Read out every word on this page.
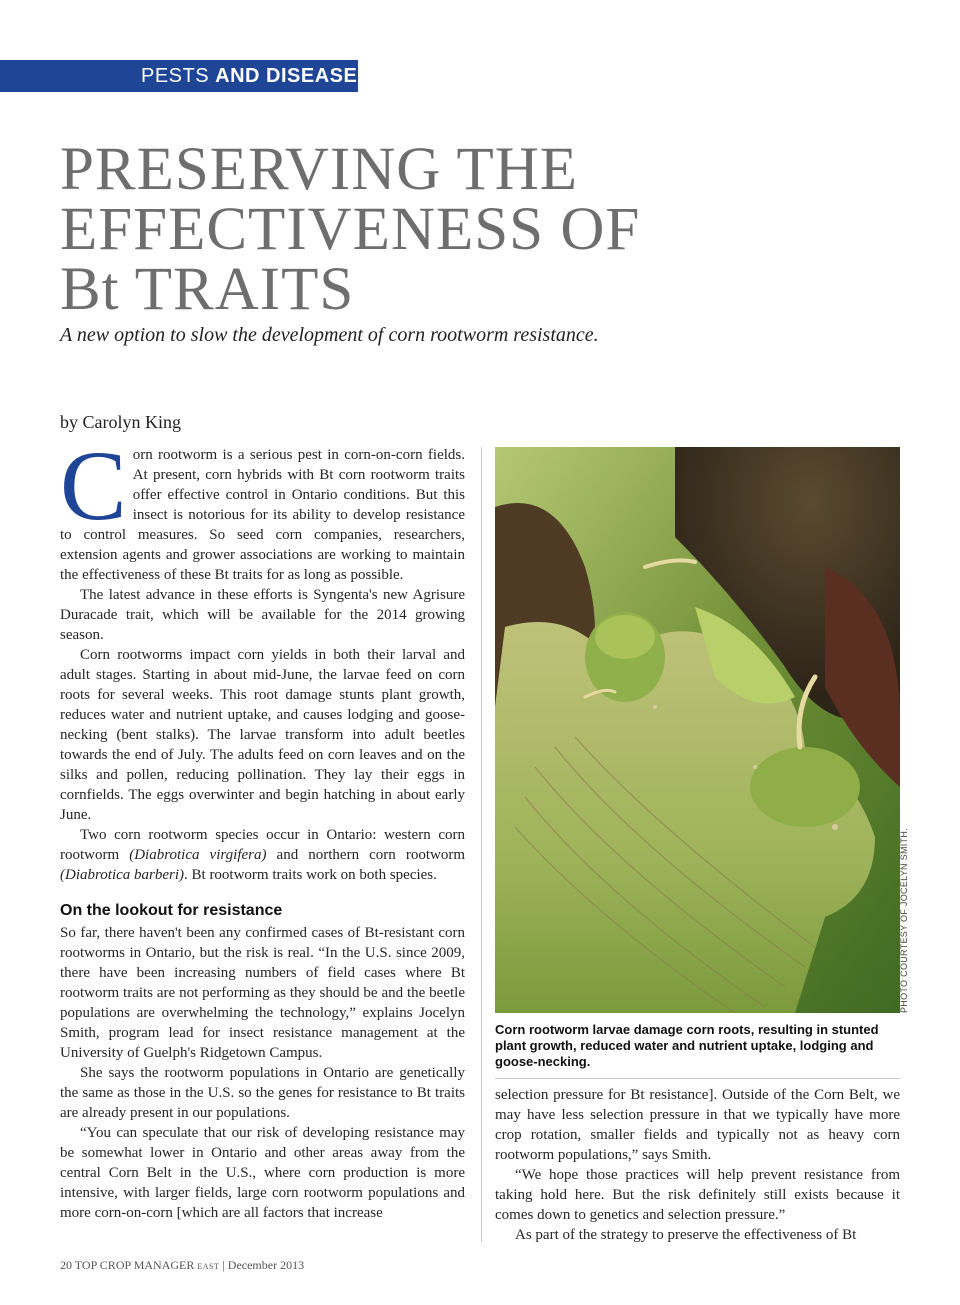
PESTS AND DISEASES
PRESERVING THE
EFFECTIVENESS OF
Bt TRAITS
A new option to slow the development of corn rootworm resistance.
by Carolyn King

Corn rootworm is a serious pest in corn-on-corn fields. At present, corn hybrids with Bt corn rootworm traits offer effective control in Ontario conditions. But this insect is notorious for its ability to develop resistance to control measures. So seed corn companies, researchers, extension agents and grower associations are working to maintain the effectiveness of these Bt traits for as long as possible.

The latest advance in these efforts is Syngenta's new Agrisure Duracade trait, which will be available for the 2014 growing season.

Corn rootworms impact corn yields in both their larval and adult stages. Starting in about mid-June, the larvae feed on corn roots for several weeks. This root damage stunts plant growth, reduces water and nutrient uptake, and causes lodging and goose-necking (bent stalks). The larvae transform into adult beetles towards the end of July. The adults feed on corn leaves and on the silks and pollen, reducing pollination. They lay their eggs in cornfields. The eggs overwinter and begin hatching in about early June.

Two corn rootworm species occur in Ontario: western corn rootworm (Diabrotica virgifera) and northern corn rootworm (Diabrotica barberi). Bt rootworm traits work on both species.

On the lookout for resistance

So far, there haven't been any confirmed cases of Bt-resistant corn rootworms in Ontario, but the risk is real. “In the U.S. since 2009, there have been increasing numbers of field cases where Bt rootworm traits are not performing as they should be and the beetle populations are overwhelming the technology,” explains Jocelyn Smith, program lead for insect resistance management at the University of Guelph's Ridgetown Campus.

She says the rootworm populations in Ontario are genetically the same as those in the U.S. so the genes for resistance to Bt traits are already present in our populations.

“You can speculate that our risk of developing resistance may be somewhat lower in Ontario and other areas away from the central Corn Belt in the U.S., where corn production is more intensive, with larger fields, large corn rootworm populations and more corn-on-corn [which are all factors that increase

PHOTO COURTESY OF JOCELYN SMITH.
Corn rootworm larvae damage corn roots, resulting in stunted plant growth, reduced water and nutrient uptake, lodging and goose-necking.

selection pressure for Bt resistance]. Outside of the Corn Belt, we may have less selection pressure in that we typically have more crop rotation, smaller fields and typically not as heavy corn rootworm populations,” says Smith.

“We hope those practices will help prevent resistance from taking hold here. But the risk definitely still exists because it comes down to genetics and selection pressure.”

As part of the strategy to preserve the effectiveness of Bt

20 TOP CROP MANAGER EAST | December 2013
